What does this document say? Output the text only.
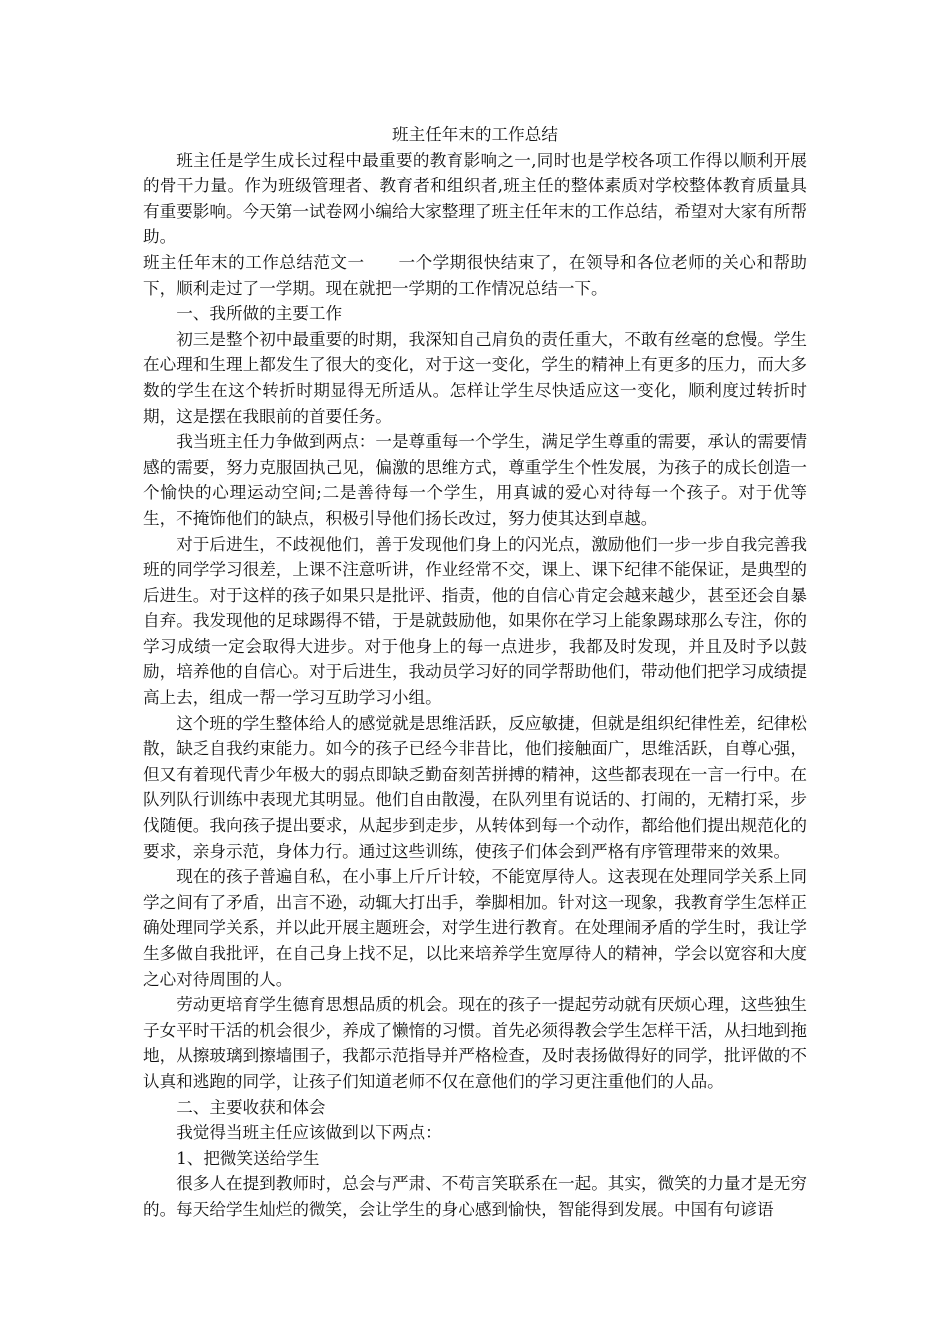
班主任年末的工作总结

班主任是学生成长过程中最重要的教育影响之一,同时也是学校各项工作得以顺利开展的骨干力量。作为班级管理者、教育者和组织者,班主任的整体素质对学校整体教育质量具有重要影响。今天第一试卷网小编给大家整理了班主任年末的工作总结，希望对大家有所帮助。

班主任年末的工作总结范文一　　一个学期很快结束了，在领导和各位老师的关心和帮助下，顺利走过了一学期。现在就把一学期的工作情况总结一下。

一、我所做的主要工作

初三是整个初中最重要的时期，我深知自己肩负的责任重大，不敢有丝毫的怠慢。学生在心理和生理上都发生了很大的变化，对于这一变化，学生的精神上有更多的压力，而大多数的学生在这个转折时期显得无所适从。怎样让学生尽快适应这一变化，顺利度过转折时期，这是摆在我眼前的首要任务。

我当班主任力争做到两点：一是尊重每一个学生，满足学生尊重的需要，承认的需要情感的需要，努力克服固执己见，偏激的思维方式，尊重学生个性发展，为孩子的成长创造一个愉快的心理运动空间;二是善待每一个学生，用真诚的爱心对待每一个孩子。对于优等生，不掩饰他们的缺点，积极引导他们扬长改过，努力使其达到卓越。

对于后进生，不歧视他们，善于发现他们身上的闪光点，激励他们一步一步自我完善我班的同学学习很差，上课不注意听讲，作业经常不交，课上、课下纪律不能保证，是典型的后进生。对于这样的孩子如果只是批评、指责，他的自信心肯定会越来越少，甚至还会自暴自弃。我发现他的足球踢得不错，于是就鼓励他，如果你在学习上能象踢球那么专注，你的学习成绩一定会取得大进步。对于他身上的每一点进步，我都及时发现，并且及时予以鼓励，培养他的自信心。对于后进生，我动员学习好的同学帮助他们，带动他们把学习成绩提高上去，组成一帮一学习互助学习小组。

这个班的学生整体给人的感觉就是思维活跃，反应敏捷，但就是组织纪律性差，纪律松散，缺乏自我约束能力。如今的孩子已经今非昔比，他们接触面广，思维活跃，自尊心强，但又有着现代青少年极大的弱点即缺乏勤奋刻苦拼搏的精神，这些都表现在一言一行中。在队列队行训练中表现尤其明显。他们自由散漫，在队列里有说话的、打闹的，无精打采，步伐随便。我向孩子提出要求，从起步到走步，从转体到每一个动作，都给他们提出规范化的要求，亲身示范，身体力行。通过这些训练，使孩子们体会到严格有序管理带来的效果。

现在的孩子普遍自私，在小事上斤斤计较，不能宽厚待人。这表现在处理同学关系上同学之间有了矛盾，出言不逊，动辄大打出手，拳脚相加。针对这一现象，我教育学生怎样正确处理同学关系，并以此开展主题班会，对学生进行教育。在处理闹矛盾的学生时，我让学生多做自我批评，在自己身上找不足，以比来培养学生宽厚待人的精神，学会以宽容和大度之心对待周围的人。

劳动更培育学生德育思想品质的机会。现在的孩子一提起劳动就有厌烦心理，这些独生子女平时干活的机会很少，养成了懒惰的习惯。首先必须得教会学生怎样干活，从扫地到拖地，从擦玻璃到擦墙围子，我都示范指导并严格检查，及时表扬做得好的同学，批评做的不认真和逃跑的同学，让孩子们知道老师不仅在意他们的学习更注重他们的人品。

二、主要收获和体会

我觉得当班主任应该做到以下两点：

1、把微笑送给学生

很多人在提到教师时，总会与严肃、不苟言笑联系在一起。其实，微笑的力量才是无穷的。每天给学生灿烂的微笑，会让学生的身心感到愉快，智能得到发展。中国有句谚语
